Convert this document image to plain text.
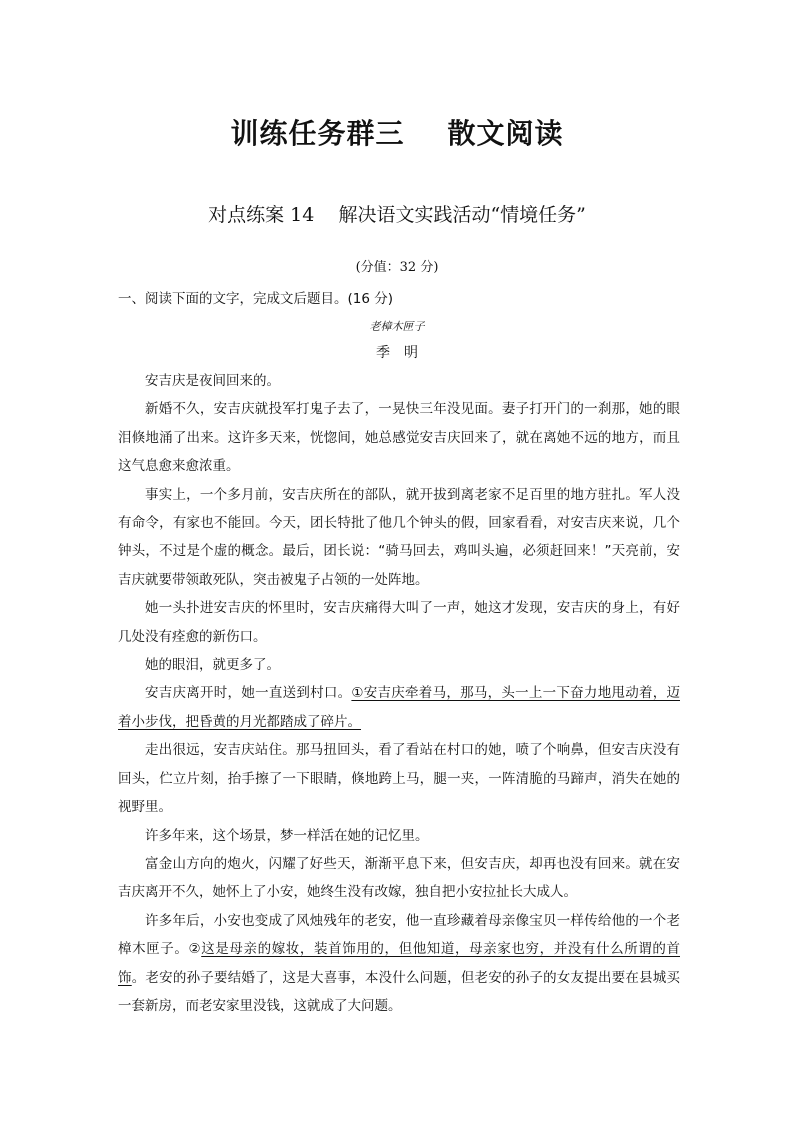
训练任务群三    散文阅读
对点练案 14    解决语文实践活动“情境任务”
(分值：32 分)
一、阅读下面的文字，完成文后题目。(16 分)
老樟木匣子
季明

安吉庆是夜间回来的。

新婚不久，安吉庆就投军打鬼子去了，一晃快三年没见面。妻子打开门的一刹那，她的眼泪倏地涌了出来。这许多天来，恍惚间，她总感觉安吉庆回来了，就在离她不远的地方，而且这气息愈来愈浓重。

事实上，一个多月前，安吉庆所在的部队，就开拔到离老家不足百里的地方驻扎。军人没有命令，有家也不能回。今天，团长特批了他几个钟头的假，回家看看，对安吉庆来说，几个钟头，不过是个虚的概念。最后，团长说：“骑马回去，鸡叫头遍，必须赶回来！”天亮前，安吉庆就要带领敢死队，突击被鬼子占领的一处阵地。

她一头扑进安吉庆的怀里时，安吉庆痛得大叫了一声，她这才发现，安吉庆的身上，有好几处没有痊愈的新伤口。

她的眼泪，就更多了。

安吉庆离开时，她一直送到村口。①安吉庆牵着马，那马，头一上一下奋力地甩动着，迈着小步伐，把昏黄的月光都踏成了碎片。

走出很远，安吉庆站住。那马扭回头，看了看站在村口的她，喷了个响鼻，但安吉庆没有回头，伫立片刻，抬手擦了一下眼睛，倏地跨上马，腿一夹，一阵清脆的马蹄声，消失在她的视野里。

许多年来，这个场景，梦一样活在她的记忆里。

富金山方向的炮火，闪耀了好些天，渐渐平息下来，但安吉庆，却再也没有回来。就在安吉庆离开不久，她怀上了小安，她终生没有改嫁，独自把小安拉扯长大成人。

许多年后，小安也变成了风烛残年的老安，他一直珍藏着母亲像宝贝一样传给他的一个老樟木匣子。②这是母亲的嫁妆，装首饰用的，但他知道，母亲家也穷，并没有什么所谓的首饰。老安的孙子要结婚了，这是大喜事，本没什么问题，但老安的孙子的女友提出要在县城买一套新房，而老安家里没钱，这就成了大问题。
